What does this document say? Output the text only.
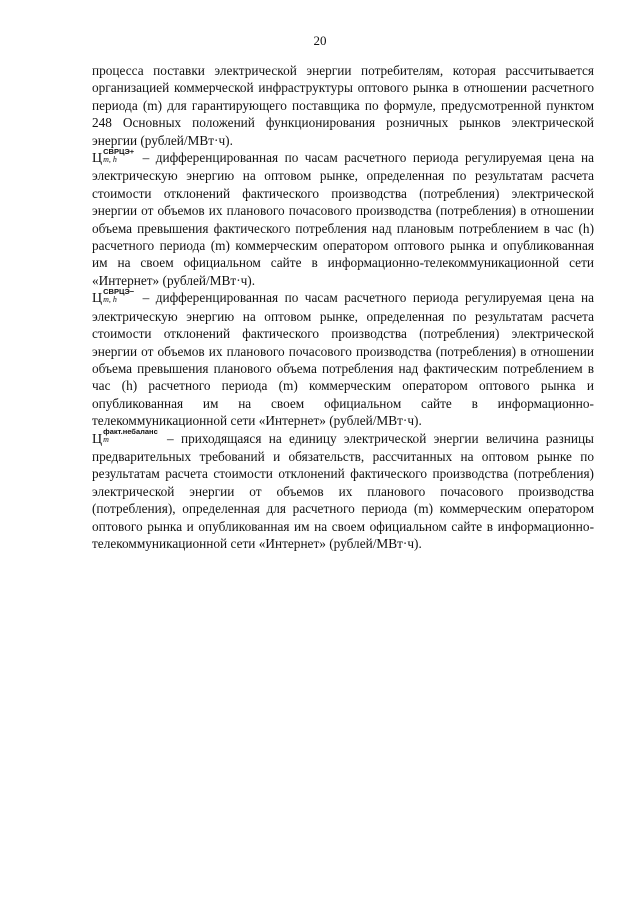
20

процесса поставки электрической энергии потребителям, которая рассчитывается организацией коммерческой инфраструктуры оптового рынка в отношении расчетного периода (m) для гарантирующего поставщика по формуле, предусмотренной пунктом 248 Основных положений функционирования розничных рынков электрической энергии (рублей/МВт·ч).

Ц СВРЦЭ+
m, h	– дифференцированная по часам расчетного периода регулируемая цена на электрическую энергию на оптовом рынке, определенная по результатам расчета стоимости отклонений фактического производства (потребления) электрической энергии от объемов их планового почасового производства (потребления) в отношении объема превышения фактического потребления над плановым потреблением в час (h) расчетного периода (m) коммерческим оператором оптового рынка и опубликованная им на своем официальном сайте в информационно-телекоммуникационной сети «Интернет» (рублей/МВт·ч).

Ц СВРЦЭ−
m, h	– дифференцированная по часам расчетного периода регулируемая цена на электрическую энергию на оптовом рынке, определенная по результатам расчета стоимости отклонений фактического производства (потребления) электрической энергии от объемов их планового почасового производства (потребления) в отношении объема превышения планового объема потребления над фактическим потреблением в час (h) расчетного периода (m) коммерческим оператором оптового рынка и опубликованная им на своем официальном сайте в информационно-телекоммуникационной сети «Интернет» (рублей/МВт·ч).

Ц факт.небаланс
m	– приходящаяся на единицу электрической энергии величина разницы предварительных требований и обязательств, рассчитанных на оптовом рынке по результатам расчета стоимости отклонений фактического производства (потребления) электрической энергии от объемов их планового почасового производства (потребления), определенная для расчетного периода (m) коммерческим оператором оптового рынка и опубликованная им на своем официальном сайте в информационно-телекоммуникационной сети «Интернет» (рублей/МВт·ч).
